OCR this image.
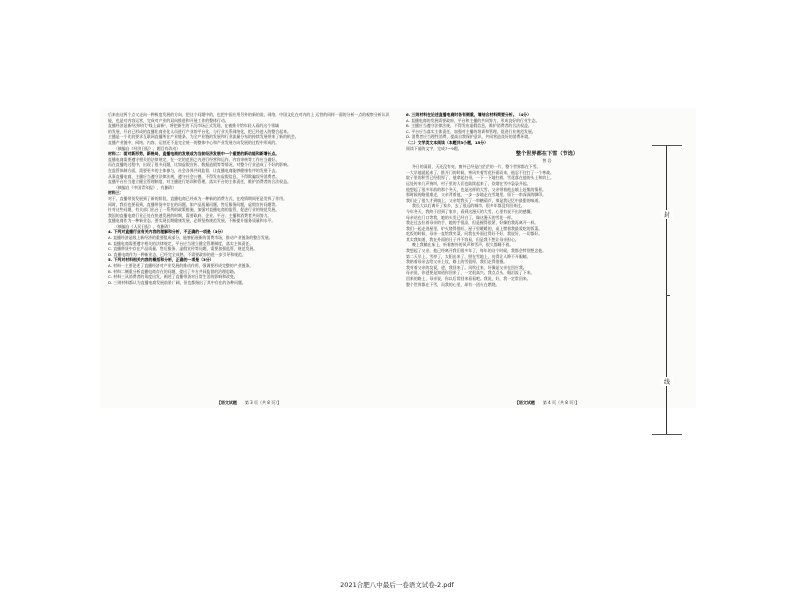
后来由这两个点又走向一种极度发展的方向，把这个问题中的，也把中国应用另外的新的说，网络，中国文化在对内的上 运营的同样一面的分析一点的观察分析认识
能，也是对内容运营，完成对产业的双向推进和开展工作的整体行动。
直播经济是新经济时代"线上高新"，将把新生的下沉市场正式发现，在被推介给年轻人看的这个领域
的发展，开启已形成的直播化商业化人员进行产业的平台化，与行业关系网络化，把已经进入的整合起来。
主播是一个比较要求互联网直播所在产业链条，为全产业链的发展和行业流量分布的持续发展带来了新的机会。
直播产业链中，网络、内容、运营还不是完全统一的整体中心和产业发展方向发展的过程中形成的。
（摘编自《经济日报》，题目有改动）
材料二：面对新形势，新格局，直播电商的发展成为当前经济发展中一个重要的新动能和新增长点。
直播电商需要遵守相关的法律规定，在一定的范围之内进行经营和运作，内容审核等工作应当做好。
而在直播的过程中，出现了很多问题，比如虚假宣传，数据造假等等情况，对整个行业造成了不好的影响。
在监管体制方面，需要更多的主体参与，社会各界共同监督，让直播电商能够健康有序的发展下去。
从事直播电商，主播应当遵守法律法规，遵守社会公德，不得发布虚假信息，不得欺骗误导消费者。
直播平台应当建立健全管理制度，对主播进行培训和管理，落实平台的主体责任，维护消费者的合法权益。
（摘编自《中国青年报》，有删改）
材料三：
对于，直播带货发展到了新的阶段，直播电商已经成为一种新的消费方式，在疫情期间更是发挥了作用。
同时，我们也要看到，直播带货中存在的问题，如产品质量问题，售后服务问题，虚假宣传问题等。
针对这些问题，有关部门出台了一系列的政策措施，加强对直播电商的监管，促进行业的规范发展。
我国的直播电商行业正处在快速发展的时期，需要政府、企业、平台、主播和消费者共同努力。
直播电商作为一种新业态，要实现长期健康发展，必须坚持规范发展，不断提升服务质量和水平。
（摘编自《人民日报》，有删改）
4. 下列对直播行业有关内容的理解和分析，不正确的一项是（3分）
A. 直播经济是线上新经济的重要组成部分，能够拓展新的消费市场，推动产业链条的整合发展。
B. 直播电商需要遵守相关的法律规定，平台应当建立健全管理制度，落实主体责任。
C. 直播带货中存在产品质量、售后服务、虚假宣传等问题，需要加强监管，规范发展。
D. 直播电商作为一种新业态，已经完全成熟，不需要政府的进一步引导和规范。
5. 下列对材料相关内容的概括和分析，正确的一项是（3分）
A. 材料一主要论述了直播经济对产业发展的推动作用，强调要形成完整的产业链条。
B. 材料二侧重分析直播电商存在的问题，提出了多方共同监督的治理思路。
C. 材料三从消费者的角度出发，阐述了直播带货对日常生活的影响和改变。
D. 三则材料都认为直播电商发展前景广阔，但也都指出了其中存在的各种问题。
6. 三则材料在论述直播电商时各有侧重，请结合材料简要分析。（4分）
A. 直播电商的发展需要政府、平台和主播的共同努力，形成良好的行业生态。
B. 主播应当遵守法律法规，不得发布虚假信息，维护消费者的合法权益。
C. 平台应当落实主体责任，加强对主播的培训和管理，促进行业规范发展。
D. 消费者应当理性消费，提高自我保护意识，共同营造良好的消费环境。
（二）文学类文本阅读（本题共3小题，15分）
阅读下面的文字，完成7～9题。
整个世界都在下雪（节选）
曾 岩
冬日的清晨，天还没有亮，窗外已经是白茫茫的一片，整个世界都在下雪。
一大早他就起来了，推开门的时候，寒风夹着雪花扑面而来，他忍不住打了一个寒战。
院子里的积雪已经很厚了，他拿起扫帚，一下一下地扫着，雪花落在他的头上和肩上。
远处传来几声狗叫，村子里的人们也陆续起来了，炊烟在雪中袅袅升起。
他想起了很多年前的那个冬天，也是这样的大雪，父亲带着他去镇上赶集的情景。
那时候的路很难走，父亲背着他，一步一步地走在雪地里，留下一串深深的脚印。
我们走了很久才到镇上，父亲给我买了一串糖葫芦，那是我记忆中最甜的味道。
我长大以后离开了家乡，去了很远的城市，很多年都没有回来过。
今年冬天，我终于回到了家乡，看到这漫天的大雪，心里有说不出的感慨。
母亲站在门口等我，她的头发已经白了，像这漫天的雪花一样。
我走过去拉着母亲的手，她的手很凉，但是握得很紧，好像怕我再离开一样。
我们一起走进屋里，炉火烧得很旺，屋子里暖暖的，桌上摆着我最爱吃的饭菜。
吃饭的时候，母亲一直给我夹菜，问我在外面过得好不好，我说好，一切都好。
其实我知道，我在外面的日子并不容易，但是我不想让母亲担心。
晚上我躺在床上，听着窗外的风声和雪声，很久都睡不着。
我想起了父亲，他已经离开我们很多年了，每年的这个时候，我都会特别想念他。
第二天早上，雪停了，太阳出来了，照在雪地上，亮得让人睁不开眼睛。
我陪着母亲去给父亲上坟，路上的雪很厚，我们走得很慢。
我对着父亲的坟说，爸，我回来了。风吹过来，好像是父亲在回应我。
母亲说，你爸要是知道你回来了，一定很高兴。我点点头，眼泪流了下来。
回来的路上，母亲说，你以后常回来看看吧。我说，好，我一定常回来。
整个世界都在下雪，而我的心里，却有一团火在燃烧。
【语文试题 第 3 页（共 8 页）】	【语文试题 第 4 页（共 8 页）】
封
线
2021合肥八中最后一卷语文试卷-2.pdf
